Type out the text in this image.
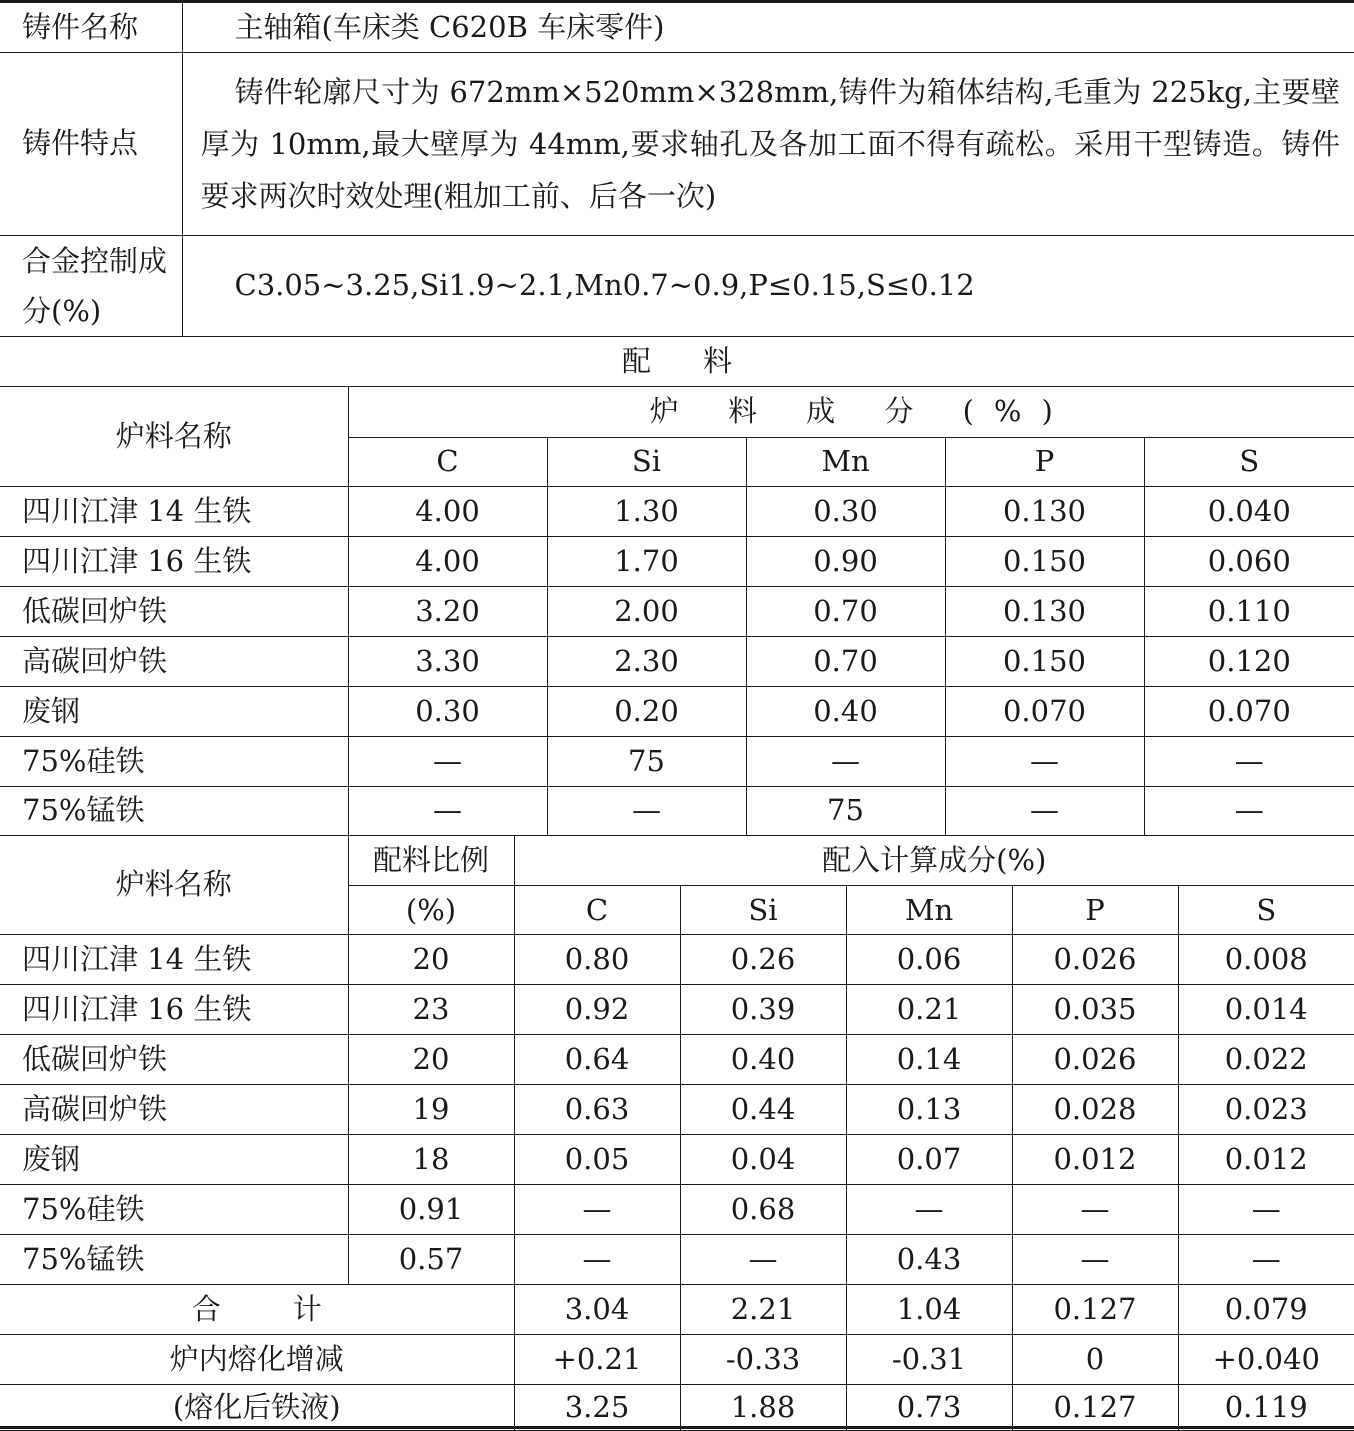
铸件名称	主轴箱(车床类 C620B 车床零件)
铸件特点	铸件轮廓尺寸为 672mm×520mm×328mm,铸件为箱体结构,毛重为 225kg,主要壁厚为 10mm,最大壁厚为 44mm,要求轴孔及各加工面不得有疏松。采用干型铸造。铸件要求两次时效处理(粗加工前、后各一次)
合金控制成分(%)	C3.05~3.25,Si1.9~2.1,Mn0.7~0.9,P≤0.15,S≤0.12
配料
炉料名称	炉 料 成 分 (%)				
	C	Si	Mn	P	S
四川江津 14 生铁	4.00	1.30	0.30	0.130	0.040
四川江津 16 生铁	4.00	1.70	0.90	0.150	0.060
低碳回炉铁	3.20	2.00	0.70	0.130	0.110
高碳回炉铁	3.30	2.30	0.70	0.150	0.120
废钢	0.30	0.20	0.40	0.070	0.070
75%硅铁	—	75	—	—	—
75%锰铁	—	—	75	—	—
炉料名称	配料比例	配入计算成分(%)				
	(%)	C	Si	Mn	P	S
四川江津 14 生铁	20	0.80	0.26	0.06	0.026	0.008
四川江津 16 生铁	23	0.92	0.39	0.21	0.035	0.014
低碳回炉铁	20	0.64	0.40	0.14	0.026	0.022
高碳回炉铁	19	0.63	0.44	0.13	0.028	0.023
废钢	18	0.05	0.04	0.07	0.012	0.012
75%硅铁	0.91	—	0.68	—	—	—
75%锰铁	0.57	—	—	0.43	—	—
合计		3.04	2.21	1.04	0.127	0.079
炉内熔化增减		+0.21	-0.33	-0.31	0	+0.040
(熔化后铁液)		3.25	1.88	0.73	0.127	0.119
